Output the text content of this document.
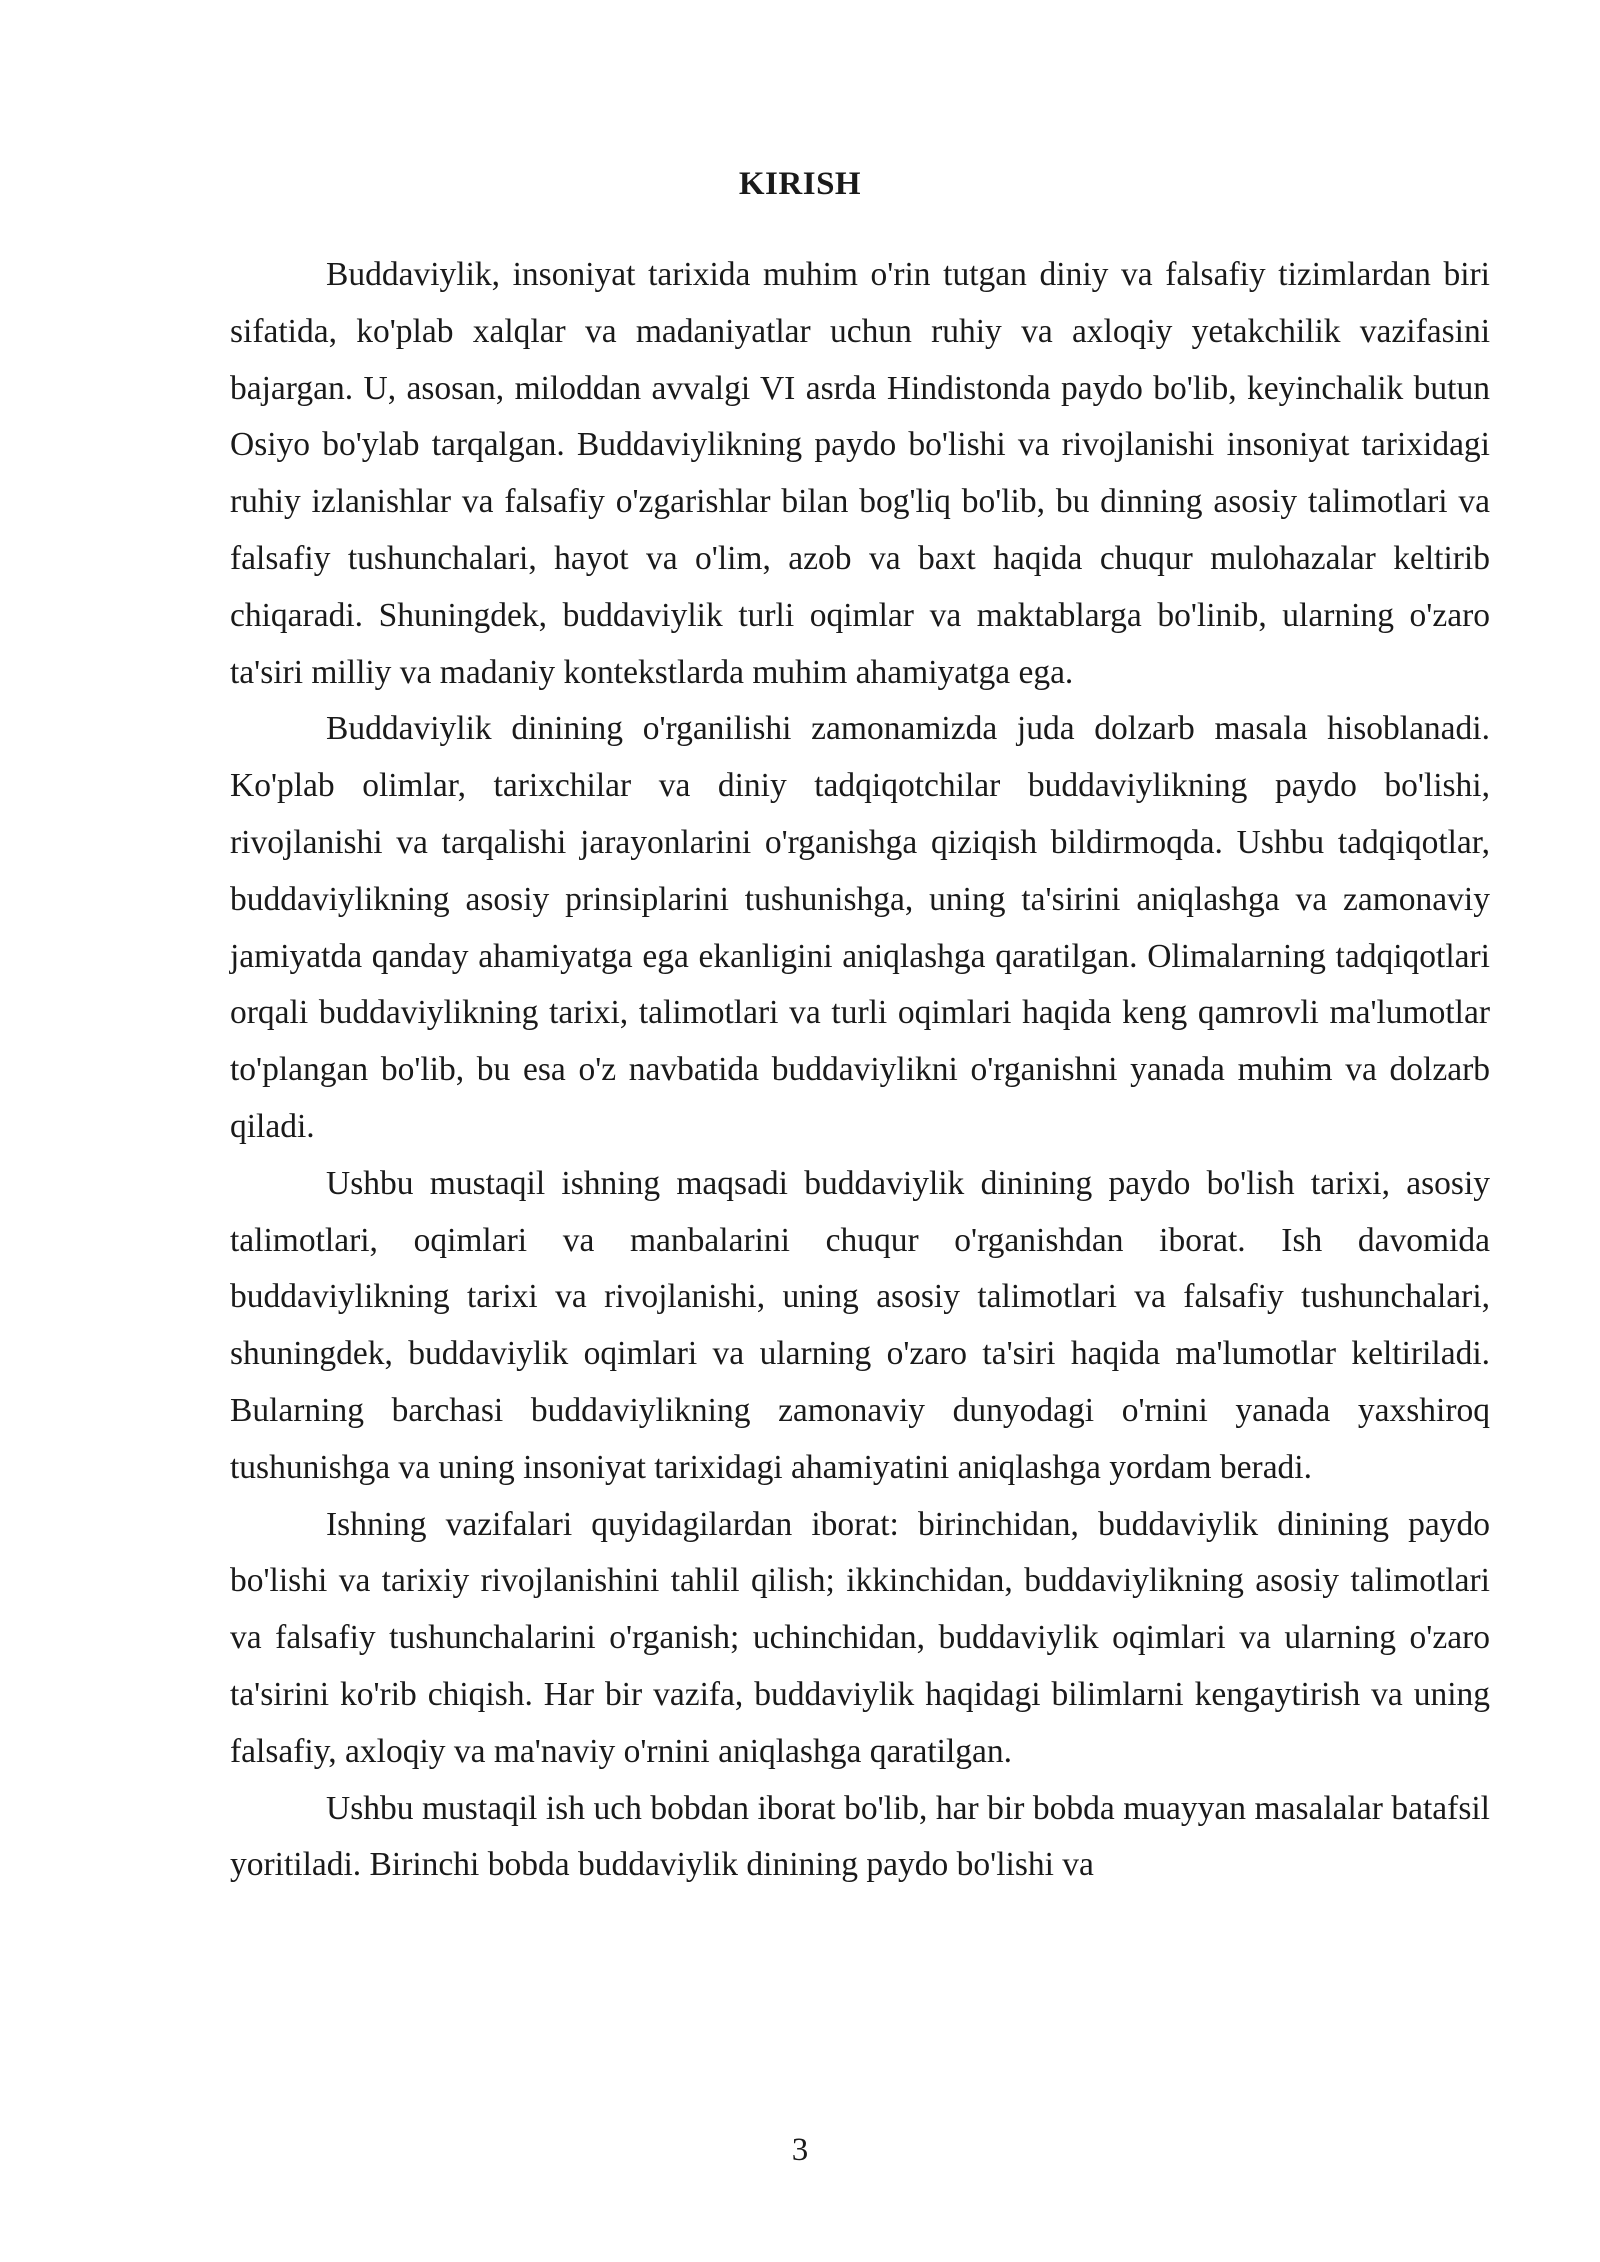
KIRISH

Buddaviylik, insoniyat tarixida muhim o'rin tutgan diniy va falsafiy tizimlardan biri sifatida, ko'plab xalqlar va madaniyatlar uchun ruhiy va axloqiy yetakchilik vazifasini bajargan. U, asosan, miloddan avvalgi VI asrda Hindistonda paydo bo'lib, keyinchalik butun Osiyo bo'ylab tarqalgan. Buddaviylikning paydo bo'lishi va rivojlanishi insoniyat tarixidagi ruhiy izlanishlar va falsafiy o'zgarishlar bilan bog'liq bo'lib, bu dinning asosiy talimotlari va falsafiy tushunchalari, hayot va o'lim, azob va baxt haqida chuqur mulohazalar keltirib chiqaradi. Shuningdek, buddaviylik turli oqimlar va maktablarga bo'linib, ularning o'zaro ta'siri milliy va madaniy kontekstlarda muhim ahamiyatga ega.

Buddaviylik dinining o'rganilishi zamonamizda juda dolzarb masala hisoblanadi. Ko'plab olimlar, tarixchilar va diniy tadqiqotchilar buddaviylikning paydo bo'lishi, rivojlanishi va tarqalishi jarayonlarini o'rganishga qiziqish bildirmoqda. Ushbu tadqiqotlar, buddaviylikning asosiy prinsiplarini tushunishga, uning ta'sirini aniqlashga va zamonaviy jamiyatda qanday ahamiyatga ega ekanligini aniqlashga qaratilgan. Olimalarning tadqiqotlari orqali buddaviylikning tarixi, talimotlari va turli oqimlari haqida keng qamrovli ma'lumotlar to'plangan bo'lib, bu esa o'z navbatida buddaviylikni o'rganishni yanada muhim va dolzarb qiladi.

Ushbu mustaqil ishning maqsadi buddaviylik dinining paydo bo'lish tarixi, asosiy talimotlari, oqimlari va manbalarini chuqur o'rganishdan iborat. Ish davomida buddaviylikning tarixi va rivojlanishi, uning asosiy talimotlari va falsafiy tushunchalari, shuningdek, buddaviylik oqimlari va ularning o'zaro ta'siri haqida ma'lumotlar keltiriladi. Bularning barchasi buddaviylikning zamonaviy dunyodagi o'rnini yanada yaxshiroq tushunishga va uning insoniyat tarixidagi ahamiyatini aniqlashga yordam beradi.

Ishning vazifalari quyidagilardan iborat: birinchidan, buddaviylik dinining paydo bo'lishi va tarixiy rivojlanishini tahlil qilish; ikkinchidan, buddaviylikning asosiy talimotlari va falsafiy tushunchalarini o'rganish; uchinchidan, buddaviylik oqimlari va ularning o'zaro ta'sirini ko'rib chiqish. Har bir vazifa, buddaviylik haqidagi bilimlarni kengaytirish va uning falsafiy, axloqiy va ma'naviy o'rnini aniqlashga qaratilgan.

Ushbu mustaqil ish uch bobdan iborat bo'lib, har bir bobda muayyan masalalar batafsil yoritiladi. Birinchi bobda buddaviylik dinining paydo bo'lishi va

3
